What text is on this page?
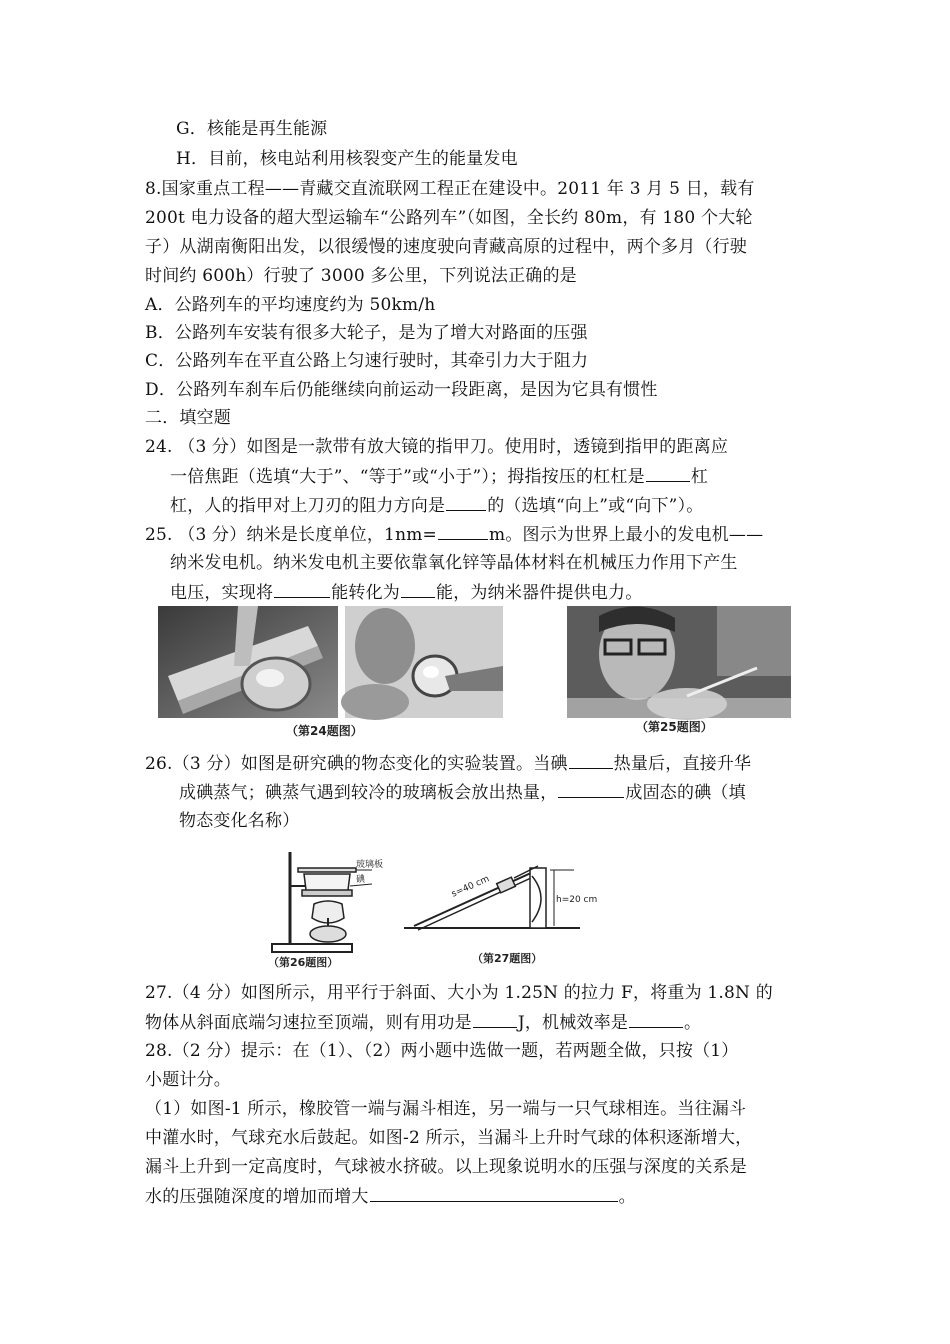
G．核能是再生能源
H．目前，核电站利用核裂变产生的能量发电
8.国家重点工程——青藏交直流联网工程正在建设中。2011 年 3 月 5 日，载有
200t 电力设备的超大型运输车“公路列车”（如图，全长约 80m，有 180 个大轮
子）从湖南衡阳出发，以很缓慢的速度驶向青藏高原的过程中，两个多月（行驶
时间约 600h）行驶了 3000 多公里，下列说法正确的是
A．公路列车的平均速度约为 50km/h
B．公路列车安装有很多大轮子，是为了增大对路面的压强
C．公路列车在平直公路上匀速行驶时，其牵引力大于阻力
D．公路列车刹车后仍能继续向前运动一段距离，是因为它具有惯性
二．填空题
24. （3 分）如图是一款带有放大镜的指甲刀。使用时，透镜到指甲的距离应
一倍焦距（选填“大于”、“等于”或“小于”）；拇指按压的杠杠是	杠
杠，人的指甲对上刀刃的阻力方向是 的（选填“向上”或“向下”）。
25. （3 分）纳米是长度单位，1nm=	m。图示为世界上最小的发电机——
纳米发电机。纳米发电机主要依靠氧化锌等晶体材料在机械压力作用下产生
电压，实现将	能转化为 能，为纳米器件提供电力。
（第24题图）	（第25题图）
26.（3 分）如图是研究碘的物态变化的实验装置。当碘	热量后，直接升华
成碘蒸气；碘蒸气遇到较冷的玻璃板会放出热量，	成固态的碘（填
物态变化名称）
玻璃板
碘
h=20 cm
s=40 cm
（第26题图）	（第27题图）
27.（4 分）如图所示，用平行于斜面、大小为 1.25N 的拉力 F，将重为 1.8N 的
物体从斜面底端匀速拉至顶端，则有用功是	J，机械效率是	。
28.（2 分）提示：在（1）、（2）两小题中选做一题，若两题全做，只按（1）
小题计分。
（1）如图-1 所示，橡胶管一端与漏斗相连，另一端与一只气球相连。当往漏斗
中灌水时，气球充水后鼓起。如图-2 所示，当漏斗上升时气球的体积逐渐增大，
漏斗上升到一定高度时，气球被水挤破。以上现象说明水的压强与深度的关系是
水的压强随深度的增加而增大	。
